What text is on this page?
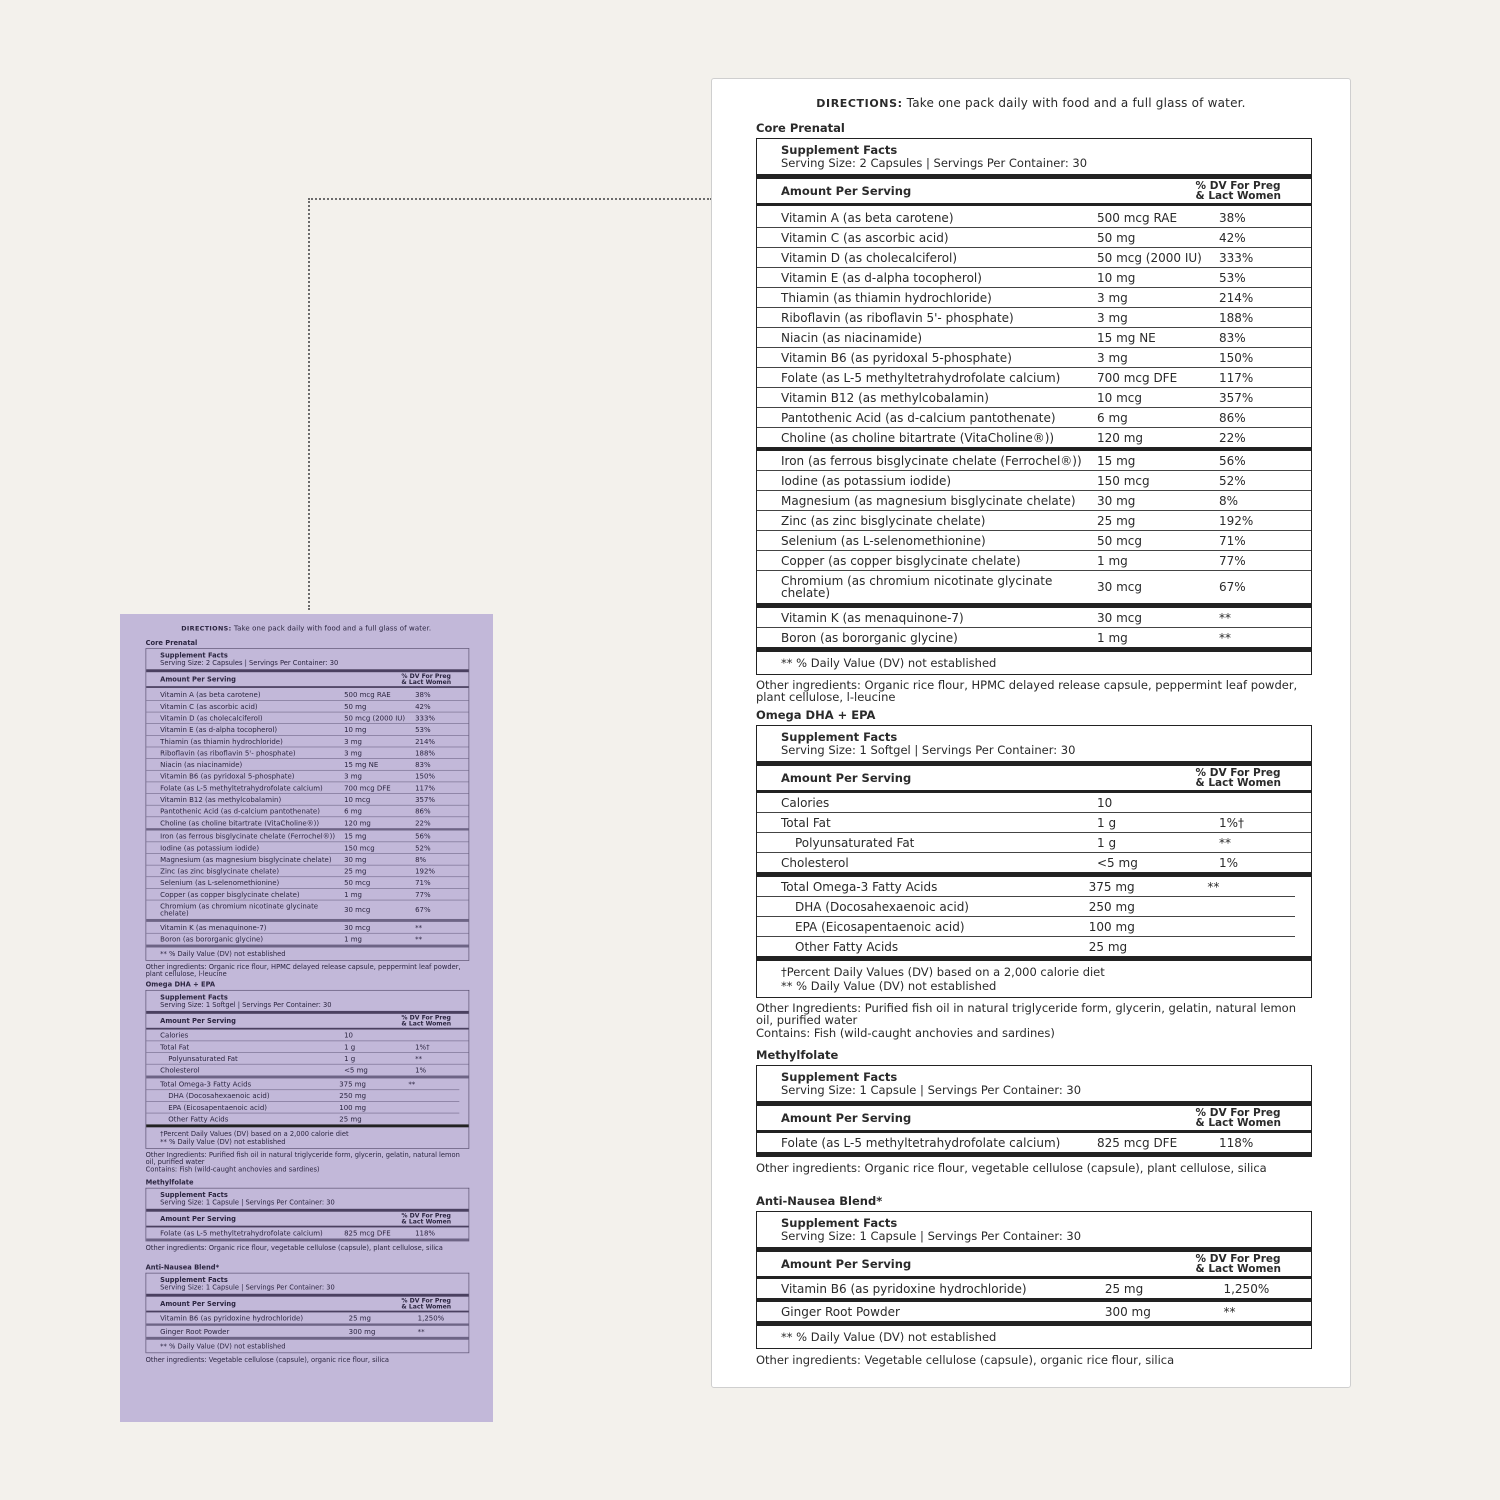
DIRECTIONS: Take one pack daily with food and a full glass of water.
Core Prenatal
Supplement Facts
Serving Size: 2 Capsules | Servings Per Container: 30
Amount Per Serving	% DV For Preg
& Lact Women
Vitamin A (as beta carotene)	500 mcg RAE	38%
Vitamin C (as ascorbic acid)	50 mg	42%
Vitamin D (as cholecalciferol)	50 mcg (2000 IU) 333%
Vitamin E (as d-alpha tocopherol)	10 mg	53%
Thiamin (as thiamin hydrochloride)	3 mg	214%
Riboflavin (as riboflavin 5'- phosphate)	3 mg	188%
Niacin (as niacinamide)	15 mg NE	83%
Vitamin B6 (as pyridoxal 5-phosphate)	3 mg	150%
Folate (as L-5 methyltetrahydrofolate calcium)	700 mcg DFE	117%
Vitamin B12 (as methylcobalamin)	10 mcg	357%
Pantothenic Acid (as d-calcium pantothenate)	6 mg	86%
Choline (as choline bitartrate (VitaCholine®))	120 mg	22%
Iron (as ferrous bisglycinate chelate (Ferrochel®)) 15 mg	56%
Iodine (as potassium iodide)	150 mcg	52%
Magnesium (as magnesium bisglycinate chelate)	30 mg	8%
Zinc (as zinc bisglycinate chelate)	25 mg	192%
Selenium (as L-selenomethionine)	50 mcg	71%
Copper (as copper bisglycinate chelate)	1 mg	77%
Chromium (as chromium nicotinate glycinate chelate)	30 mcg	67%
Vitamin K (as menaquinone-7)	30 mcg	**
Boron (as bororganic glycine)	1 mg	**
** % Daily Value (DV) not established
Other ingredients: Organic rice flour, HPMC delayed release capsule, peppermint leaf powder, plant cellulose, l-leucine
Omega DHA + EPA
Supplement Facts
Serving Size: 1 Softgel | Servings Per Container: 30
Amount Per Serving	% DV For Preg
& Lact Women
Calories	10
Total Fat	1 g	1%†
Polyunsaturated Fat	1 g	**
Cholesterol	<5 mg	1%
Total Omega-3 Fatty Acids	375 mg	**
DHA (Docosahexaenoic acid)	250 mg
EPA (Eicosapentaenoic acid)	100 mg
Other Fatty Acids	25 mg
†Percent Daily Values (DV) based on a 2,000 calorie diet
** % Daily Value (DV) not established
Other Ingredients: Purified fish oil in natural triglyceride form, glycerin, gelatin, natural lemon oil, purified water
Contains: Fish (wild-caught anchovies and sardines)
Methylfolate
Supplement Facts
Serving Size: 1 Capsule | Servings Per Container: 30
Amount Per Serving	% DV For Preg
& Lact Women
Folate (as L-5 methyltetrahydrofolate calcium)	825 mcg DFE	118%
Other ingredients: Organic rice flour, vegetable cellulose (capsule), plant cellulose, silica
Anti-Nausea Blend*
Supplement Facts
Serving Size: 1 Capsule | Servings Per Container: 30
Amount Per Serving	% DV For Preg
& Lact Women
Vitamin B6 (as pyridoxine hydrochloride)	25 mg	1,250%
Ginger Root Powder	300 mg	**
** % Daily Value (DV) not established
Other ingredients: Vegetable cellulose (capsule), organic rice flour, silica
DIRECTIONS: Take one pack daily with food and a full glass of water.
Core Prenatal
Supplement Facts
Serving Size: 2 Capsules | Servings Per Container: 30
Amount Per Serving	% DV For Preg
& Lact Women
Vitamin A (as beta carotene)	500 mcg RAE	38%
Vitamin C (as ascorbic acid)	50 mg	42%
Vitamin D (as cholecalciferol)	50 mcg (2000 IU)	333%
Vitamin E (as d-alpha tocopherol)	10 mg	53%
Thiamin (as thiamin hydrochloride)	3 mg	214%
Riboflavin (as riboflavin 5'- phosphate)	3 mg	188%
Niacin (as niacinamide)	15 mg NE	83%
Vitamin B6 (as pyridoxal 5-phosphate)	3 mg	150%
Folate (as L-5 methyltetrahydrofolate calcium)	700 mcg DFE	117%
Vitamin B12 (as methylcobalamin)	10 mcg	357%
Pantothenic Acid (as d-calcium pantothenate)	6 mg	86%
Choline (as choline bitartrate (VitaCholine®))	120 mg	22%
Iron (as ferrous bisglycinate chelate (Ferrochel®))	15 mg	56%
Iodine (as potassium iodide)	150 mcg	52%
Magnesium (as magnesium bisglycinate chelate)	30 mg	8%
Zinc (as zinc bisglycinate chelate)	25 mg	192%
Selenium (as L-selenomethionine)	50 mcg	71%
Copper (as copper bisglycinate chelate)	1 mg	77%
Chromium (as chromium nicotinate glycinate chelate)	30 mcg	67%
Vitamin K (as menaquinone-7)	30 mcg	**
Boron (as bororganic glycine)	1 mg	**
** % Daily Value (DV) not established
Other ingredients: Organic rice flour, HPMC delayed release capsule, peppermint leaf powder, plant cellulose, l-leucine
Omega DHA + EPA
Supplement Facts
Serving Size: 1 Softgel | Servings Per Container: 30
Amount Per Serving	% DV For Preg
& Lact Women
Calories	10
Total Fat	1 g	1%†
Polyunsaturated Fat	1 g	**
Cholesterol	<5 mg	1%
Total Omega-3 Fatty Acids	375 mg	**
DHA (Docosahexaenoic acid)	250 mg
EPA (Eicosapentaenoic acid)	100 mg
Other Fatty Acids	25 mg
†Percent Daily Values (DV) based on a 2,000 calorie diet
** % Daily Value (DV) not established
Other Ingredients: Purified fish oil in natural triglyceride form, glycerin, gelatin, natural lemon oil, purified water
Contains: Fish (wild-caught anchovies and sardines)
Methylfolate
Supplement Facts
Serving Size: 1 Capsule | Servings Per Container: 30
Amount Per Serving	% DV For Preg
& Lact Women
Folate (as L-5 methyltetrahydrofolate calcium)	825 mcg DFE	118%
Other ingredients: Organic rice flour, vegetable cellulose (capsule), plant cellulose, silica
Anti-Nausea Blend*
Supplement Facts
Serving Size: 1 Capsule | Servings Per Container: 30
Amount Per Serving	% DV For Preg
& Lact Women
Vitamin B6 (as pyridoxine hydrochloride)	25 mg	1,250%
Ginger Root Powder	300 mg	**
** % Daily Value (DV) not established
Other ingredients: Vegetable cellulose (capsule), organic rice flour, silica
